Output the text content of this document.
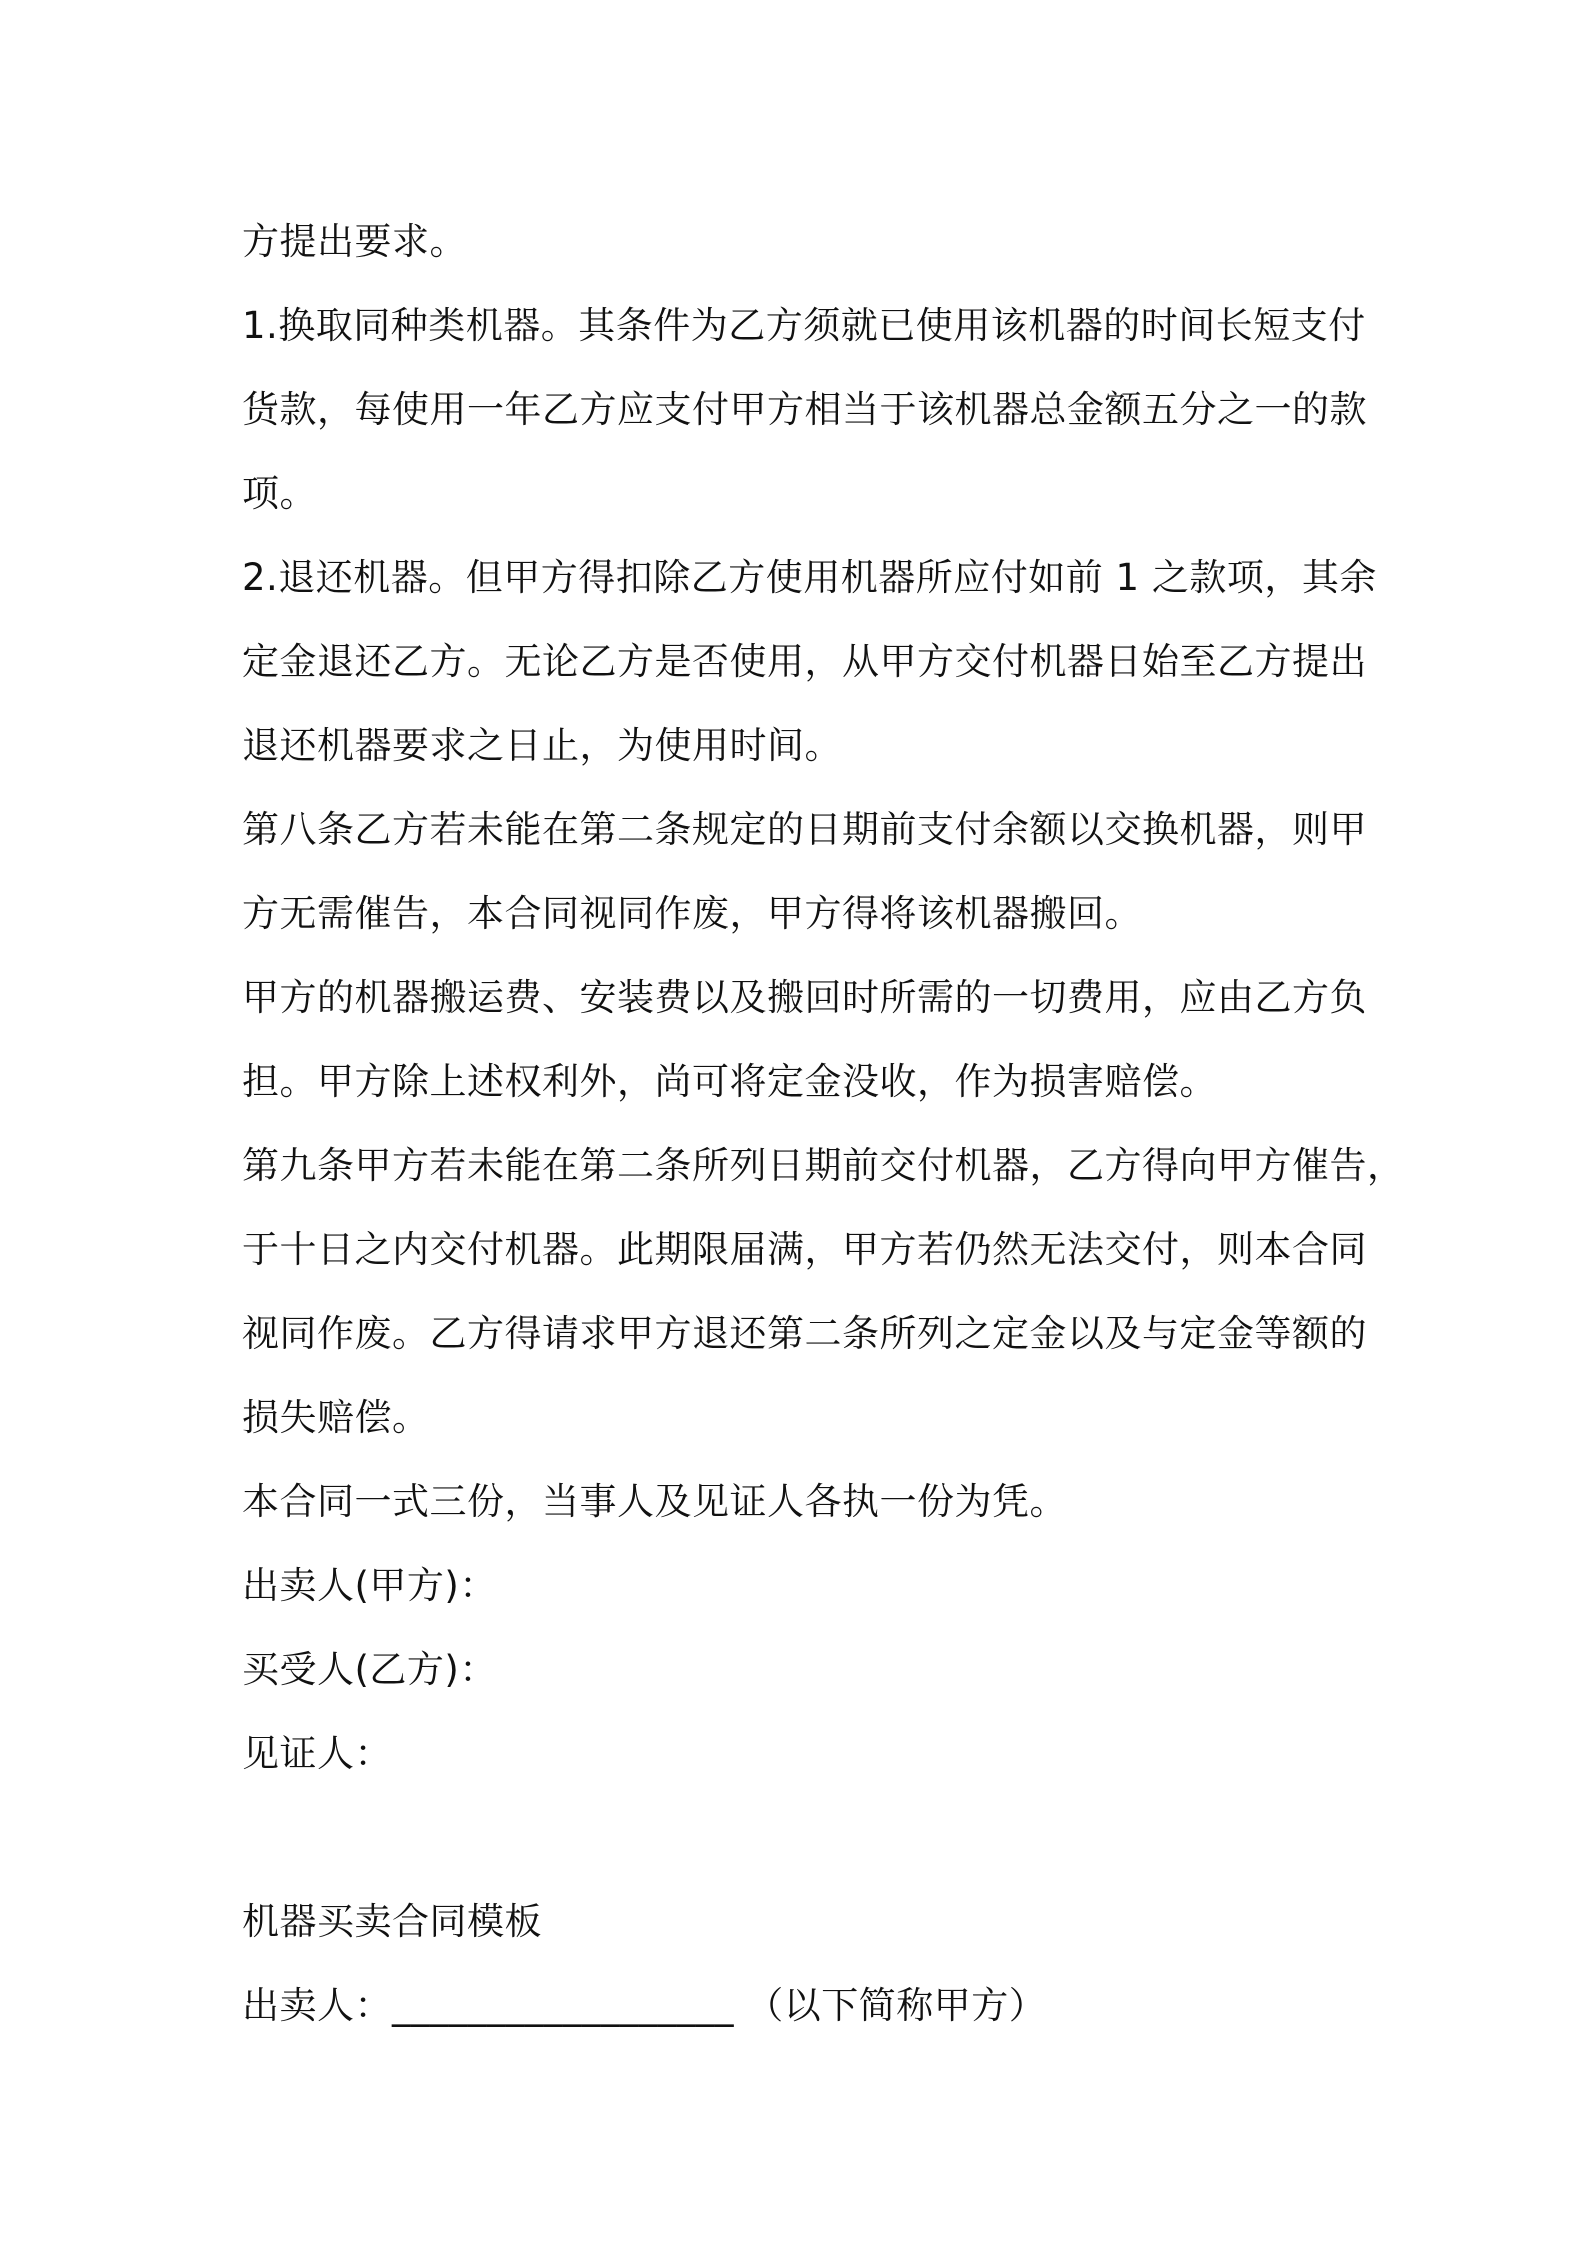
方提出要求。
1.换取同种类机器。其条件为乙方须就已使用该机器的时间长短支付
货款，每使用一年乙方应支付甲方相当于该机器总金额五分之一的款
项。
2.退还机器。但甲方得扣除乙方使用机器所应付如前 1 之款项，其余
定金退还乙方。无论乙方是否使用，从甲方交付机器日始至乙方提出
退还机器要求之日止，为使用时间。
第八条乙方若未能在第二条规定的日期前支付余额以交换机器，则甲
方无需催告，本合同视同作废，甲方得将该机器搬回。
甲方的机器搬运费、安装费以及搬回时所需的一切费用，应由乙方负
担。甲方除上述权利外，尚可将定金没收，作为损害赔偿。
第九条甲方若未能在第二条所列日期前交付机器，乙方得向甲方催告，
于十日之内交付机器。此期限届满，甲方若仍然无法交付，则本合同
视同作废。乙方得请求甲方退还第二条所列之定金以及与定金等额的
损失赔偿。
本合同一式三份，当事人及见证人各执一份为凭。
出卖人(甲方)：
买受人(乙方)：
见证人：
机器买卖合同模板
出卖人：__________________ （以下简称甲方）
